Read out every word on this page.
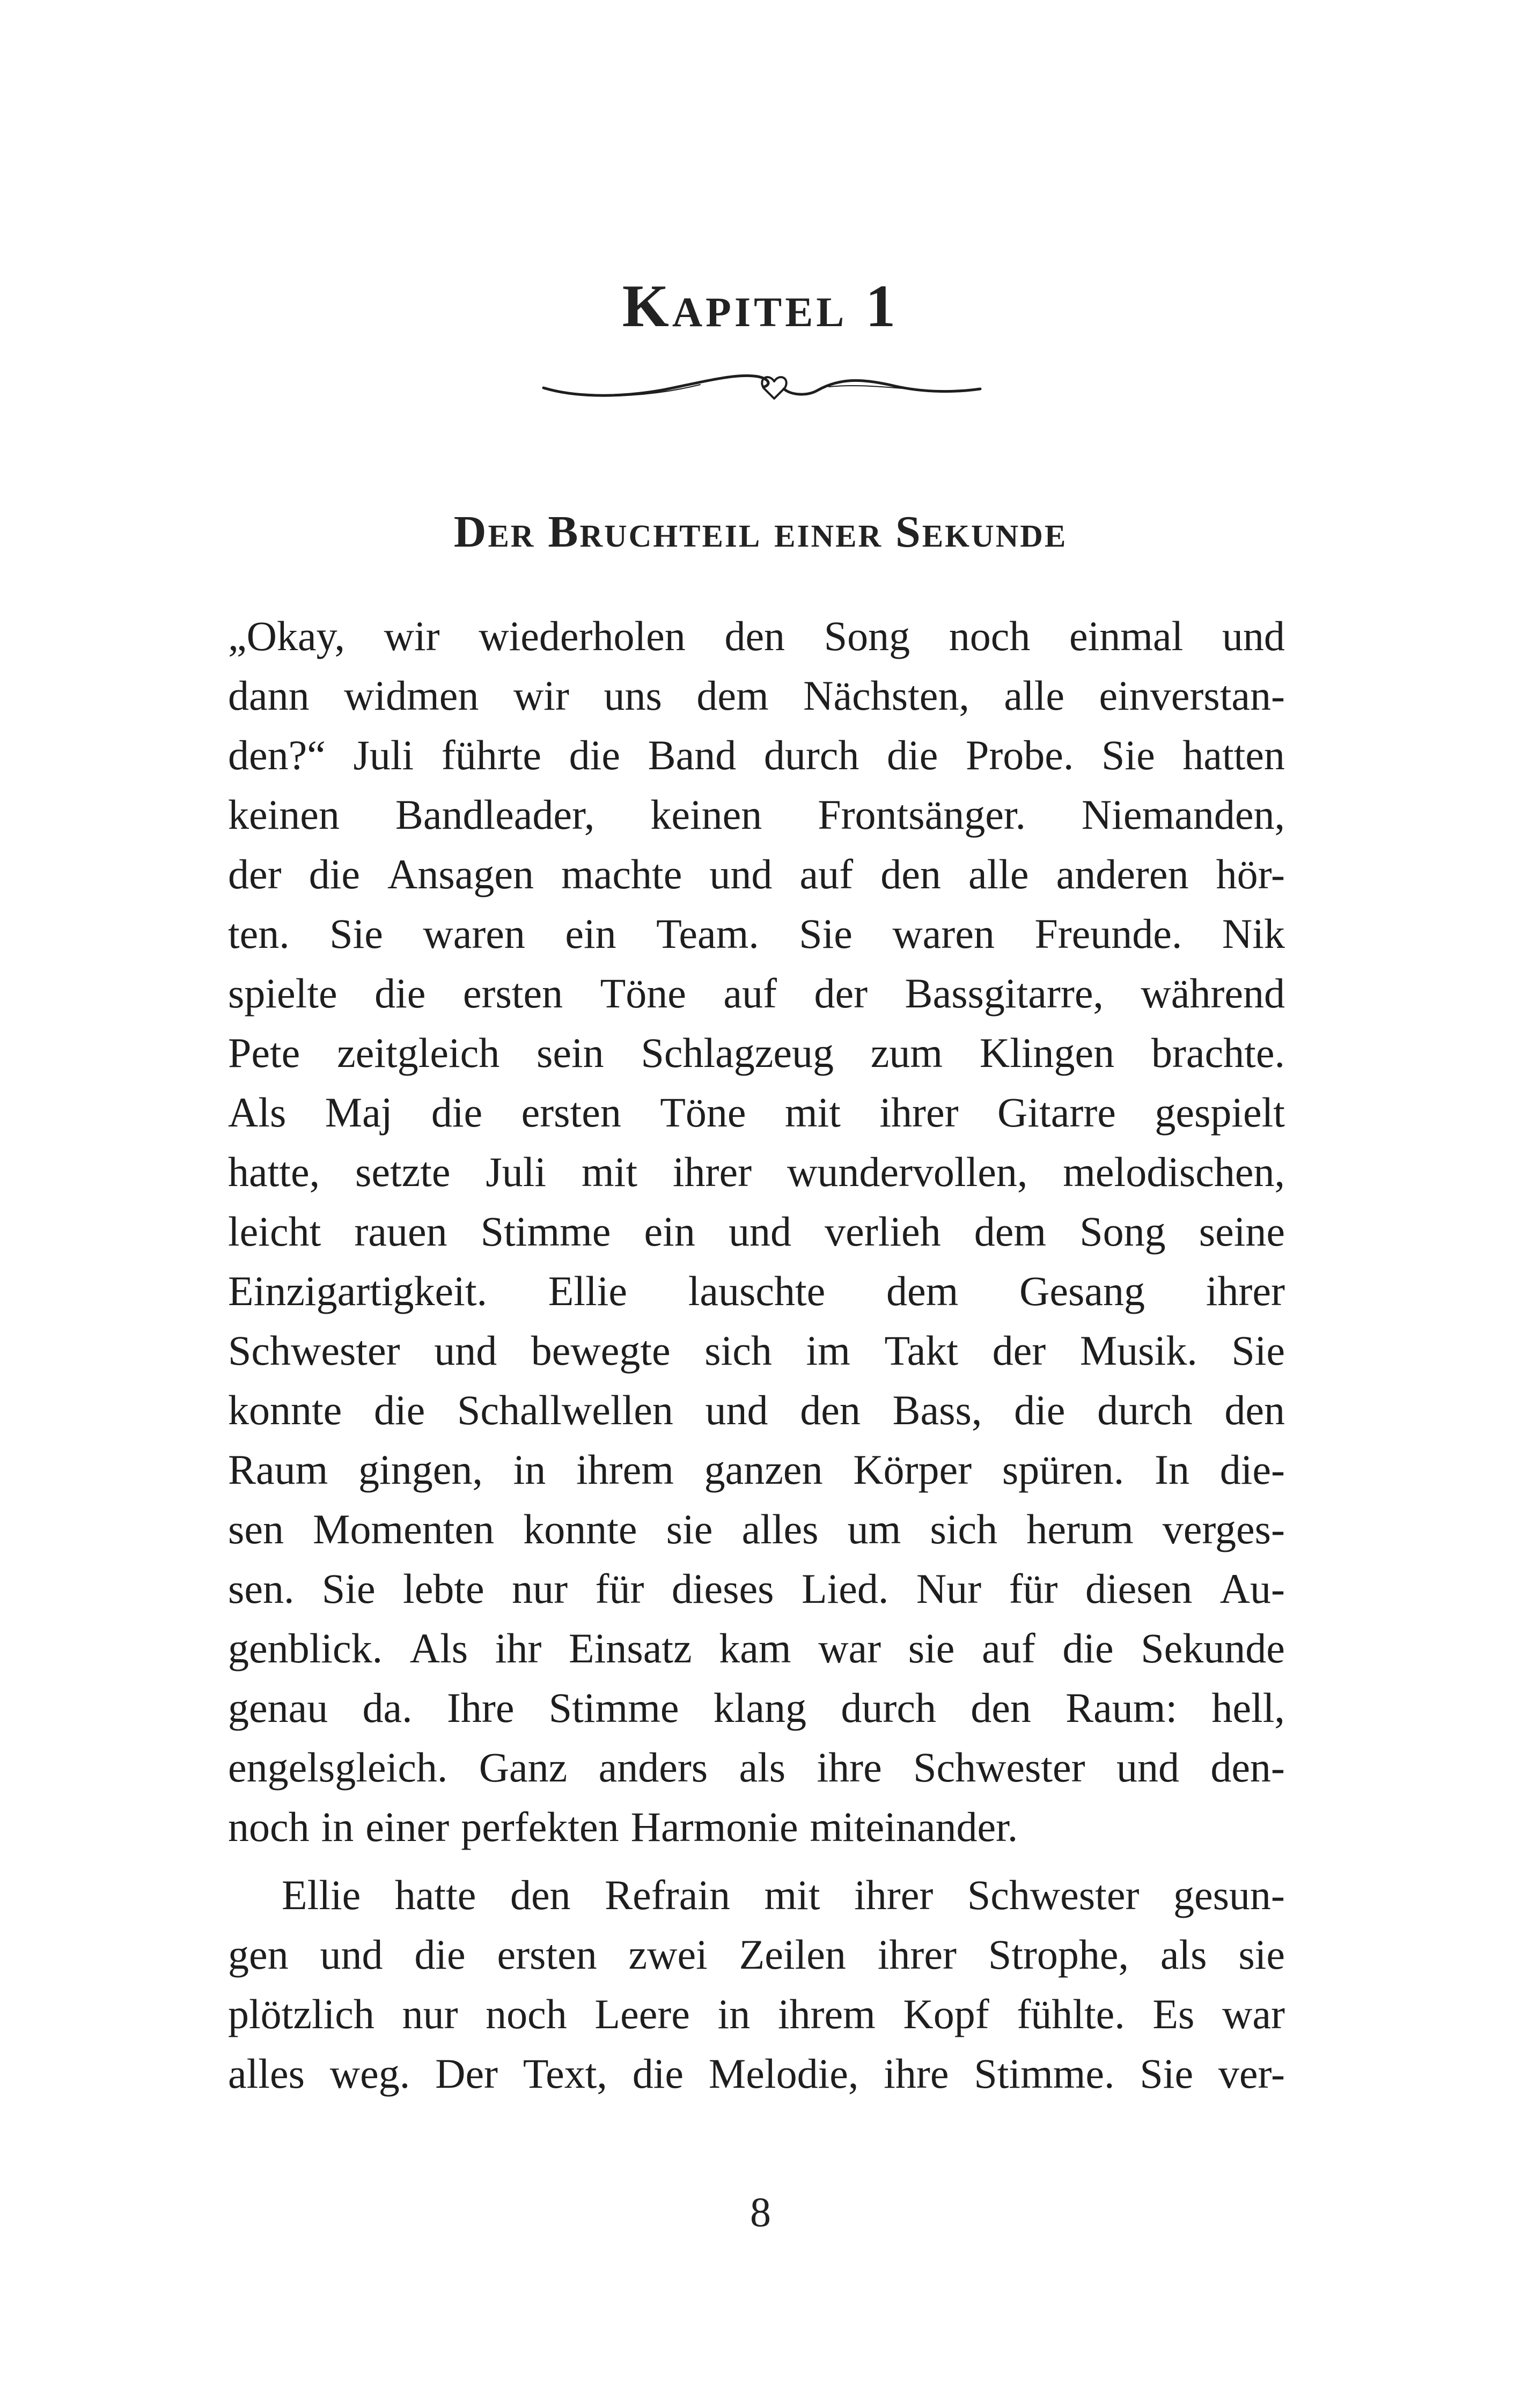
Kapitel 1
Der Bruchteil einer Sekunde
„Okay, wir wiederholen den Song noch einmal und
dann widmen wir uns dem Nächsten, alle einverstan-
den?“ Juli führte die Band durch die Probe. Sie hatten
keinen Bandleader, keinen Frontsänger. Niemanden,
der die Ansagen machte und auf den alle anderen hör-
ten. Sie waren ein Team. Sie waren Freunde. Nik
spielte die ersten Töne auf der Bassgitarre, während
Pete zeitgleich sein Schlagzeug zum Klingen brachte.
Als Maj die ersten Töne mit ihrer Gitarre gespielt
hatte, setzte Juli mit ihrer wundervollen, melodischen,
leicht rauen Stimme ein und verlieh dem Song seine
Einzigartigkeit. Ellie lauschte dem Gesang ihrer
Schwester und bewegte sich im Takt der Musik. Sie
konnte die Schallwellen und den Bass, die durch den
Raum gingen, in ihrem ganzen Körper spüren. In die-
sen Momenten konnte sie alles um sich herum verges-
sen. Sie lebte nur für dieses Lied. Nur für diesen Au-
genblick. Als ihr Einsatz kam war sie auf die Sekunde
genau da. Ihre Stimme klang durch den Raum: hell,
engelsgleich. Ganz anders als ihre Schwester und den-
noch in einer perfekten Harmonie miteinander.
Ellie hatte den Refrain mit ihrer Schwester gesun-
gen und die ersten zwei Zeilen ihrer Strophe, als sie
plötzlich nur noch Leere in ihrem Kopf fühlte. Es war
alles weg. Der Text, die Melodie, ihre Stimme. Sie ver-
8
